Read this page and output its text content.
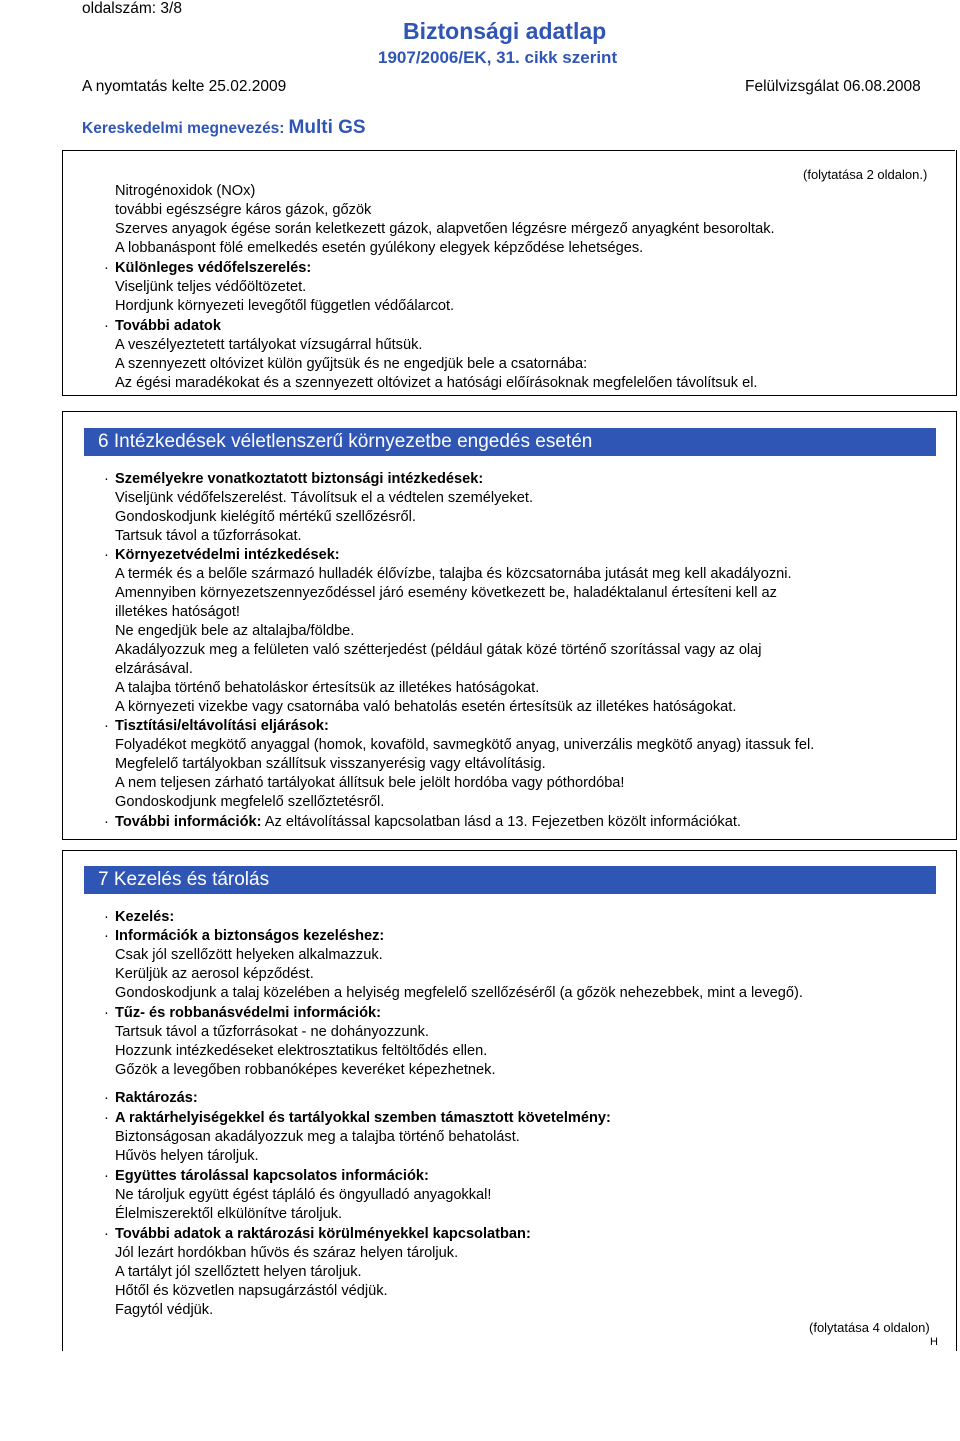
oldalszám: 3/8
Biztonsági adatlap
1907/2006/EK, 31. cikk szerint
A nyomtatás kelte 25.02.2009	Felülvizsgálat 06.08.2008
Kereskedelmi megnevezés: Multi GS
(folytatása 2 oldalon.)
Nitrogénoxidok (NOx)
további egészségre káros gázok, gőzök
Szerves anyagok égése során keletkezett gázok, alapvetően légzésre mérgező anyagként besoroltak.
A lobbanáspont fölé emelkedés esetén gyúlékony elegyek képződése lehetséges.
· Különleges védőfelszerelés:
Viseljünk teljes védőöltözetet.
Hordjunk környezeti levegőtől független védőálarcot.
· További adatok
A veszélyeztetett tartályokat vízsugárral hűtsük.
A szennyezett oltóvizet külön gyűjtsük és ne engedjük bele a csatornába:
Az égési maradékokat és a szennyezett oltóvizet a hatósági előírásoknak megfelelően távolítsuk el.
6 Intézkedések véletlenszerű környezetbe engedés esetén
· Személyekre vonatkoztatott biztonsági intézkedések:
Viseljünk védőfelszerelést. Távolítsuk el a védtelen személyeket.
Gondoskodjunk kielégítő mértékű szellőzésről.
Tartsuk távol a tűzforrásokat.
· Környezetvédelmi intézkedések:
A termék és a belőle származó hulladék élővízbe, talajba és közcsatornába jutását meg kell akadályozni.
Amennyiben környezetszennyeződéssel járó esemény következett be, haladéktalanul értesíteni kell az
illetékes hatóságot!
Ne engedjük bele az altalajba/földbe.
Akadályozzuk meg a felületen való szétterjedést (például gátak közé történő szorítással vagy az olaj
elzárásával.
A talajba történő behatoláskor értesítsük az illetékes hatóságokat.
A környezeti vizekbe vagy csatornába való behatolás esetén értesítsük az illetékes hatóságokat.
· Tisztítási/eltávolítási eljárások:
Folyadékot megkötő anyaggal (homok, kovaföld, savmegkötő anyag, univerzális megkötő anyag) itassuk fel.
Megfelelő tartályokban szállítsuk visszanyerésig vagy eltávolításig.
A nem teljesen zárható tartályokat állítsuk bele jelölt hordóba vagy póthordóba!
Gondoskodjunk megfelelő szellőztetésről.
· További információk: Az eltávolítással kapcsolatban lásd a 13. Fejezetben közölt információkat.
7 Kezelés és tárolás
· Kezelés:
· Információk a biztonságos kezeléshez:
Csak jól szellőzött helyeken alkalmazzuk.
Kerüljük az aerosol képződést.
Gondoskodjunk a talaj közelében a helyiség megfelelő szellőzéséről (a gőzök nehezebbek, mint a levegő).
· Tűz- és robbanásvédelmi információk:
Tartsuk távol a tűzforrásokat - ne dohányozzunk.
Hozzunk intézkedéseket elektrosztatikus feltöltődés ellen.
Gőzök a levegőben robbanóképes keveréket képezhetnek.
· Raktározás:
· A raktárhelyiségekkel és tartályokkal szemben támasztott követelmény:
Biztonságosan akadályozzuk meg a talajba történő behatolást.
Hűvös helyen tároljuk.
· Együttes tárolással kapcsolatos információk:
Ne tároljuk együtt égést tápláló és öngyulladó anyagokkal!
Élelmiszerektől elkülönítve tároljuk.
· További adatok a raktározási körülményekkel kapcsolatban:
Jól lezárt hordókban hűvös és száraz helyen tároljuk.
A tartályt jól szellőztett helyen tároljuk.
Hőtől és közvetlen napsugárzástól védjük.
Fagytól védjük.
(folytatása 4 oldalon)
H
